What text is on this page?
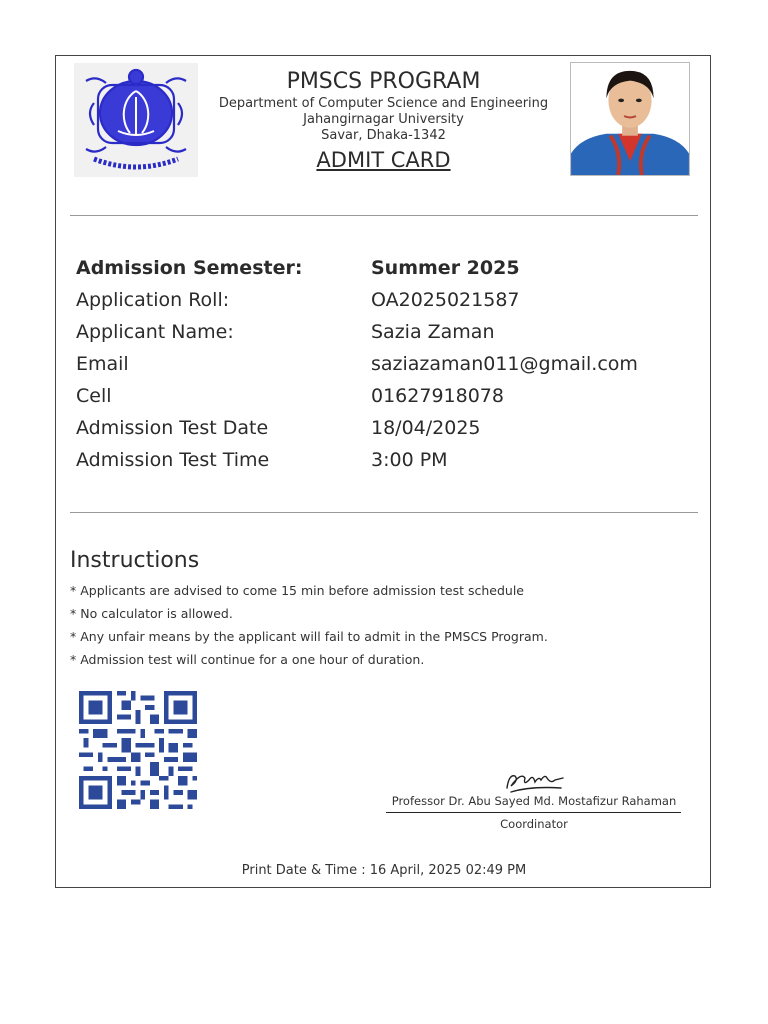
PMSCS PROGRAM
Department of Computer Science and Engineering
Jahangirnagar University
Savar, Dhaka-1342
ADMIT CARD
Admission Semester:	Summer 2025
Application Roll:	OA2025021587
Applicant Name:	Sazia Zaman
Email	saziazaman011@gmail.com
Cell	01627918078
Admission Test Date	18/04/2025
Admission Test Time	3:00 PM
Instructions
* Applicants are advised to come 15 min before admission test schedule
* No calculator is allowed.
* Any unfair means by the applicant will fail to admit in the PMSCS Program.
* Admission test will continue for a one hour of duration.
Professor Dr. Abu Sayed Md. Mostafizur Rahaman
Coordinator
Print Date & Time : 16 April, 2025 02:49 PM
